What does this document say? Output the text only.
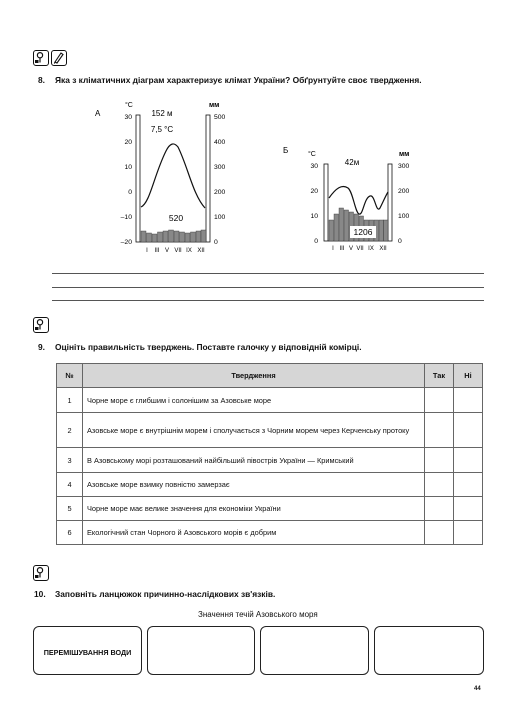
8. Яка з кліматичних діаграм характеризує клімат України? Обґрунтуйте своє твердження.
А
°C	мм
152 м
7,5 °C
30
20
10
0
–10
–20
500
400
300
200
100
0
520
I III V VII IX XII
Б	°C	мм
42м
30
20
10
0
300
200
100
0
1206
I III V VII IX XII
9. Оцініть правильність тверджень. Поставте галочку у відповідній комірці.
№	Твердження	Так	Ні
1	Чорне море є глибшим і солонішим за Азовське море		
2	Азовське море є внутрішнім морем і сполучається з Чорним морем через Керченську протоку		
3	В Азовському морі розташований найбільший півострів України — Кримський		
4	Азовське море взимку повністю замерзає		
5	Чорне море має велике значення для економіки України		
6	Екологічний стан Чорного й Азовського морів є добрим		
10. Заповніть ланцюжок причинно-наслідкових зв'язків.
Значення течій Азовського моря
ПЕРЕМІШУВАННЯ ВОДИ
44
